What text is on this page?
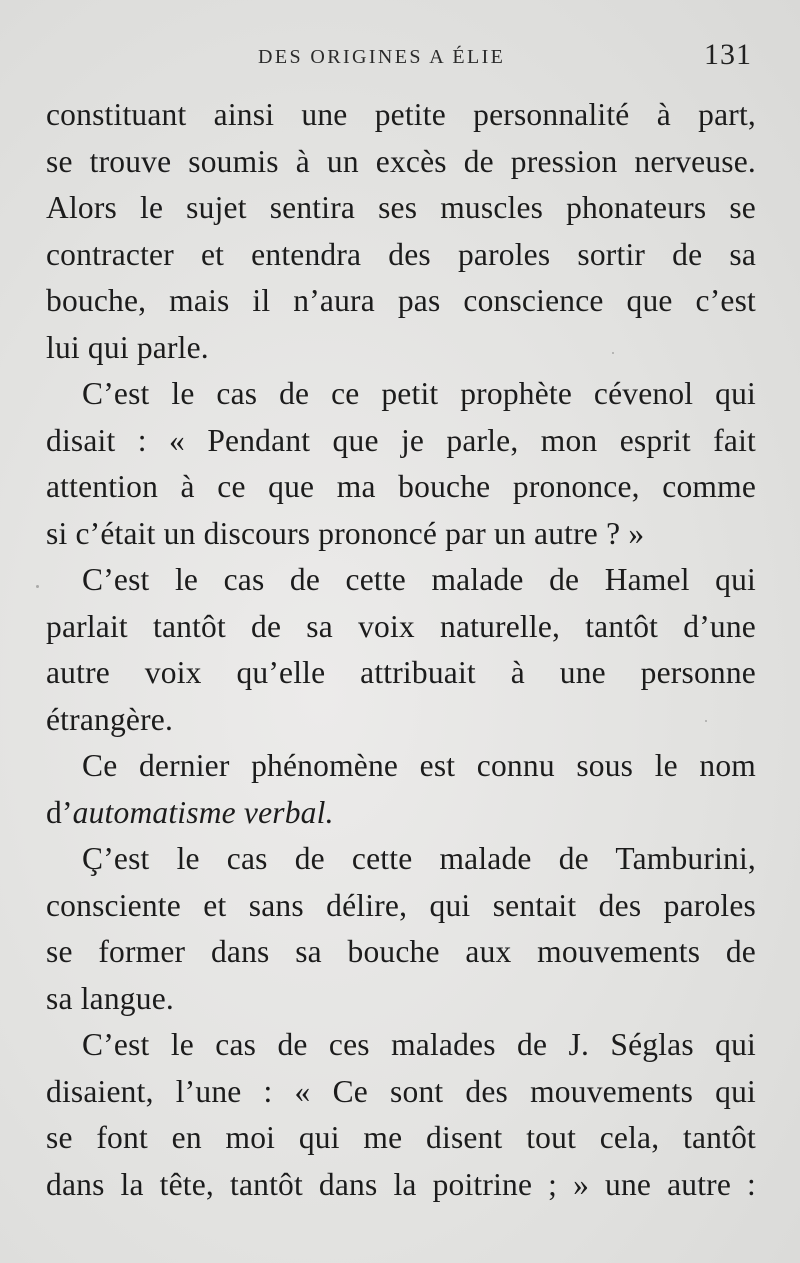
DES ORIGINES A ÉLIE	131
constituant ainsi une petite personnalité à part,
se trouve soumis à un excès de pression nerveuse.
Alors le sujet sentira ses muscles phonateurs se
contracter et entendra des paroles sortir de sa
bouche, mais il n’aura pas conscience que c’est
lui qui parle.
C’est le cas de ce petit prophète cévenol qui
disait : « Pendant que je parle, mon esprit fait
attention à ce que ma bouche prononce, comme
si c’était un discours prononcé par un autre ? »
C’est le cas de cette malade de Hamel qui
parlait tantôt de sa voix naturelle, tantôt d’une
autre voix qu’elle attribuait à une personne
étrangère.
Ce dernier phénomène est connu sous le nom
d’automatisme verbal.
Ç’est le cas de cette malade de Tamburini,
consciente et sans délire, qui sentait des paroles
se former dans sa bouche aux mouvements de
sa langue.
C’est le cas de ces malades de J. Séglas qui
disaient, l’une : « Ce sont des mouvements qui
se font en moi qui me disent tout cela, tantôt
dans la tête, tantôt dans la poitrine ; » une autre :
